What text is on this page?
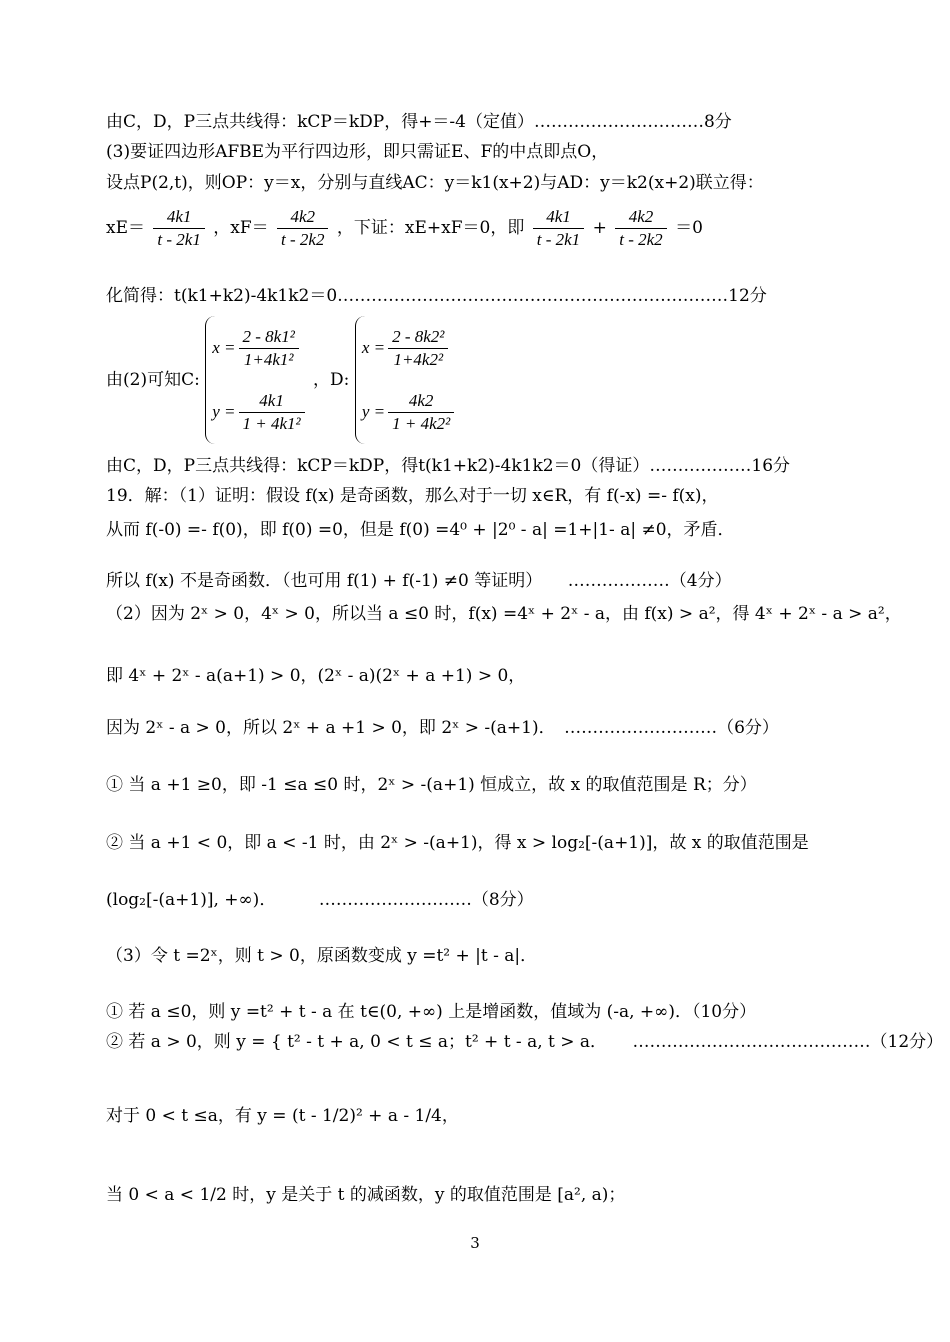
由C，D，P三点共线得：kCP＝kDP，得+＝-4（定值）…………………………8分
(3)要证四边形AFBE为平行四边形，即只需证E、F的中点即点O，
设点P(2,t)，则OP：y＝x，分别与直线AC：y＝k1(x+2)与AD：y＝k2(x+2)联立得：
$xE= \frac{4k1}{t - 2k1}$ ，$xF= \frac{4k2}{t - 2k2}$ ，下证：xE+xF＝0，即 $\frac{4k1}{t - 2k1} + \frac{4k2}{t - 2k2} =0$
化简得：t(k1+k2)-4k1k2＝0……………………………………………………………12分
由(2)可知C:
$x = \frac{\text{2 - 8k1²}}{\text{1+4k1²}}$
$y = \frac{4k1}{\text{1 + 4k1²}}$
，D:
$x = \frac{\text{2 - 8k2²}}{\text{1+4k2²}}$
$y = \frac{4k2}{\text{1 + 4k2²}}$
由C，D，P三点共线得：kCP＝kDP，得t(k1+k2)-4k1k2＝0（得证）………………16分
19．解：（1）证明：假设 f(x) 是奇函数，那么对于一切 x∈R，有 f(-x) =- f(x)，
从而 f(-0) =- f(0)，即 f(0) =0，但是 f(0) =4⁰ + |2⁰ - a| =1+|1- a| ≠0，矛盾．
所以 f(x) 不是奇函数．（也可用 f(1) + f(-1) ≠0 等证明）　　………………（4分）
（2）因为 2ˣ > 0，4ˣ > 0，所以当 a ≤0 时，f(x) =4ˣ + 2ˣ - a，由 f(x) > a²，得 4ˣ + 2ˣ - a > a²，
即 4ˣ + 2ˣ - a(a+1) > 0，(2ˣ - a)(2ˣ + a +1) > 0，
因为 2ˣ - a > 0，所以 2ˣ + a +1 > 0，即 2ˣ > -(a+1)．　………………………（6分）
① 当 a +1 ≥0，即 -1 ≤a ≤0 时，2ˣ > -(a+1) 恒成立，故 x 的取值范围是 R；分）
② 当 a +1 < 0，即 a < -1 时，由 2ˣ > -(a+1)，得 x > log₂[-(a+1)]，故 x 的取值范围是
(log₂[-(a+1)], +∞)．　　　………………………（8分）
（3）令 t =2ˣ，则 t > 0，原函数变成 y =t² + |t - a|．
① 若 a ≤0，则 y =t² + t - a 在 t∈(0, +∞) 上是增函数，值域为 (-a, +∞)．（10分）
② 若 a > 0，则 y = { t² - t + a, 0 < t ≤ a；t² + t - a, t > a．　　……………………………………（12分）
对于 0 < t ≤a，有 y = (t - 1/2)² + a - 1/4，
当 0 < a < 1/2 时，y 是关于 t 的减函数，y 的取值范围是 [a², a)；
3
